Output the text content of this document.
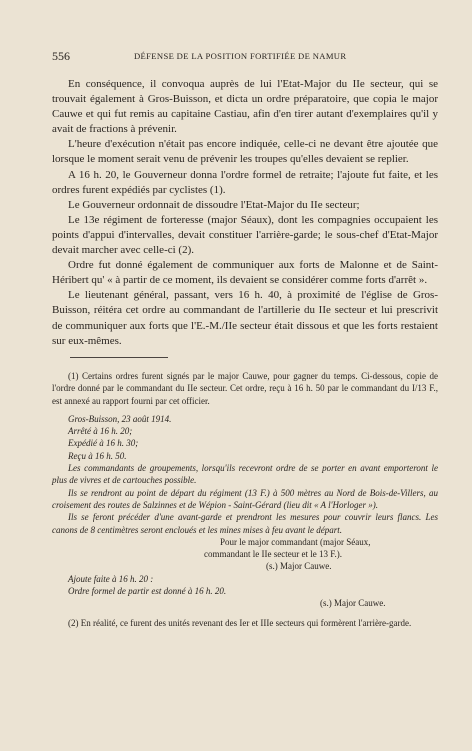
556	DÉFENSE DE LA POSITION FORTIFIÉE DE NAMUR

En conséquence, il convoqua auprès de lui l'Etat-Major du IIe secteur, qui se trouvait également à Gros-Buisson, et dicta un ordre préparatoire, que copia le major Cauwe et qui fut remis au capitaine Castiau, afin d'en tirer autant d'exemplaires qu'il y avait de fractions à prévenir.

L'heure d'exécution n'était pas encore indiquée, celle-ci ne devant être ajoutée que lorsque le moment serait venu de prévenir les troupes qu'elles devaient se replier.

A 16 h. 20, le Gouverneur donna l'ordre formel de retraite; l'ajoute fut faite, et les ordres furent expédiés par cyclistes (1).

Le Gouverneur ordonnait de dissoudre l'Etat-Major du IIe secteur;

Le 13e régiment de forteresse (major Séaux), dont les compagnies occupaient les points d'appui d'intervalles, devait constituer l'arrière-garde; le sous-chef d'Etat-Major devait marcher avec celle-ci (2).

Ordre fut donné également de communiquer aux forts de Malonne et de Saint-Héribert qu' « à partir de ce moment, ils devaient se considérer comme forts d'arrêt ».

Le lieutenant général, passant, vers 16 h. 40, à proximité de l'église de Gros-Buisson, réitéra cet ordre au commandant de l'artillerie du IIe secteur et lui prescrivit de communiquer aux forts que l'E.-M./IIe secteur était dissous et que les forts restaient sur eux-mêmes.

(1) Certains ordres furent signés par le major Cauwe, pour gagner du temps. Ci-dessous, copie de l'ordre donné par le commandant du IIe secteur. Cet ordre, reçu à 16 h. 50 par le commandant du I/13 F., est annexé au rapport fourni par cet officier.

Gros-Buisson, 23 août 1914.

Arrêté à 16 h. 20;

Expédié à 16 h. 30;

Reçu à 16 h. 50.

Les commandants de groupements, lorsqu'ils recevront ordre de se porter en avant emporteront le plus de vivres et de cartouches possible.

Ils se rendront au point de départ du régiment (13 F.) à 500 mètres au Nord de Bois-de-Villers, au croisement des routes de Salzinnes et de Wépion - Saint-Gérard (lieu dit « A l'Horloger »).

Ils se feront précéder d'une avant-garde et prendront les mesures pour couvrir leurs flancs. Les canons de 8 centimètres seront encloués et les mines mises à feu avant le départ.

Pour le major commandant (major Séaux,

commandant le IIe secteur et le 13 F.).

(s.) Major Cauwe.

Ajoute faite à 16 h. 20 :

Ordre formel de partir est donné à 16 h. 20.

(s.) Major Cauwe.

(2) En réalité, ce furent des unités revenant des Ier et IIIe secteurs qui formèrent l'arrière-garde.
